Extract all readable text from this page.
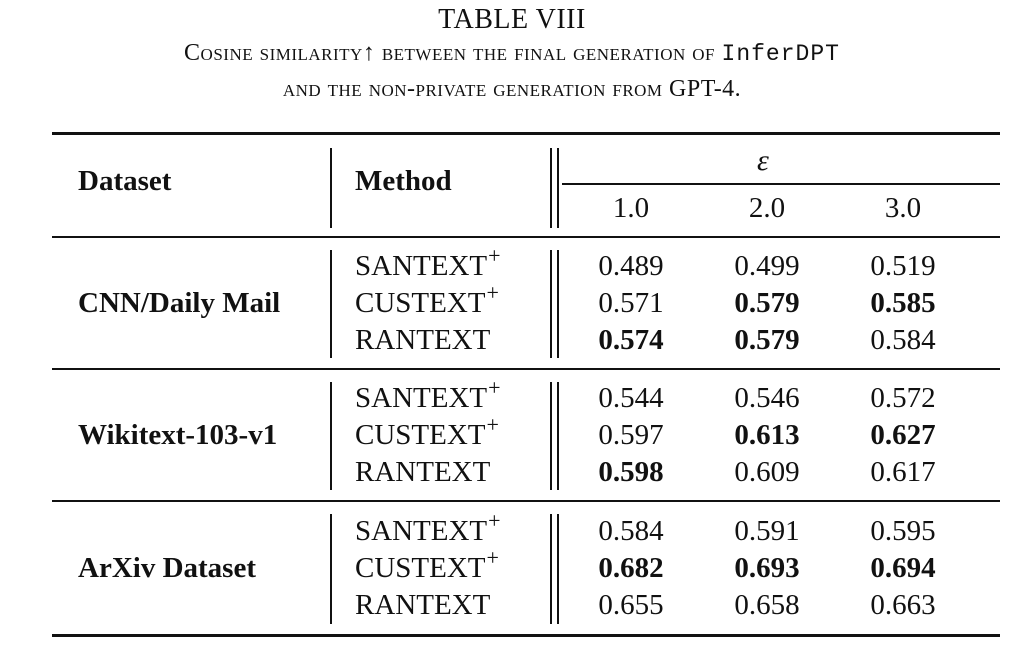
TABLE VIII
Cosine similarity↑ between the final generation of InferDPT
and the non-private generation from GPT-4.
Dataset	Method
ε
1.0	2.0	3.0
CNN/Daily Mail
SANTEXT+	0.489	0.499	0.519
CUSTEXT+	0.571	0.579	0.585
RANTEXT	0.574	0.579	0.584
Wikitext-103-v1
SANTEXT+	0.544	0.546	0.572
CUSTEXT+	0.597	0.613	0.627
RANTEXT	0.598	0.609	0.617
ArXiv Dataset
SANTEXT+	0.584	0.591	0.595
CUSTEXT+	0.682	0.693	0.694
RANTEXT	0.655	0.658	0.663
